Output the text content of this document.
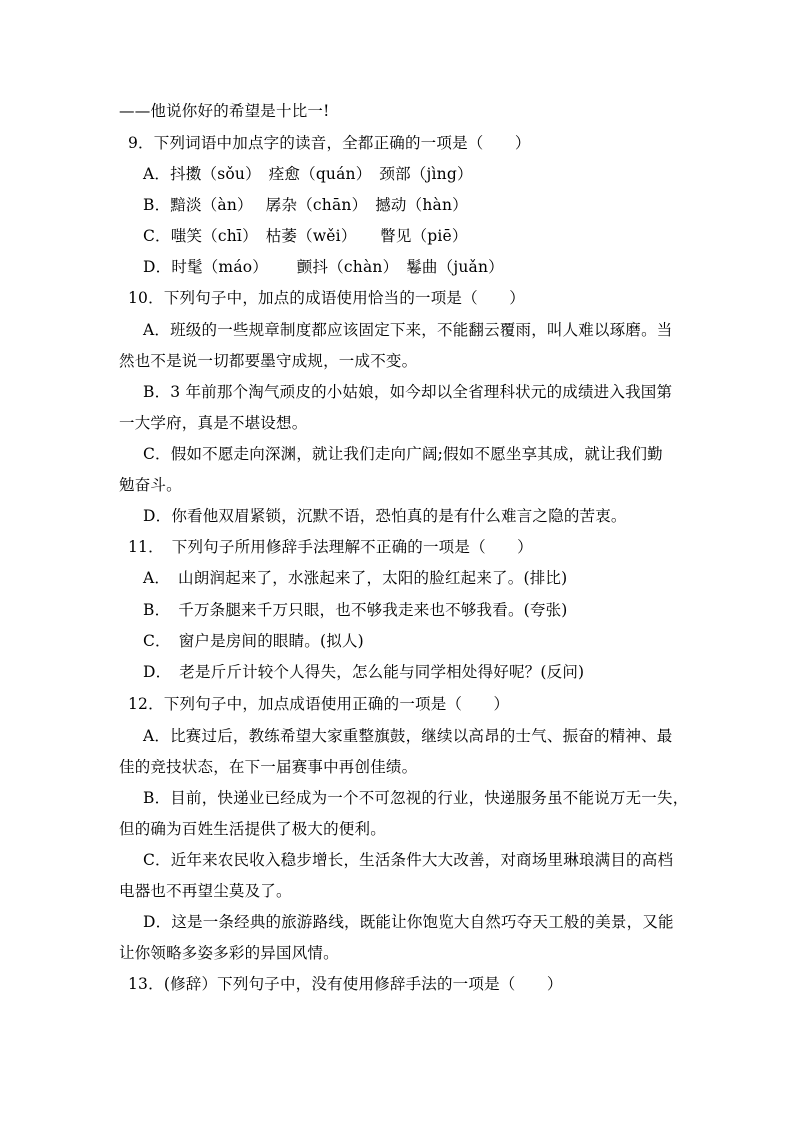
——他说你好的希望是十比一!
9．下列词语中加点字的读音，全都正确的一项是（　　）
A．抖擞（sǒu）　痊愈（quán）　颈部（jìng）
B．黯淡（àn）　 孱杂（chān）　撼动（hàn）
C．嗤笑（chī）　枯萎（wěi）　　瞥见（piē）
D．时髦（máo）　　 颤抖（chàn）　鬈曲（juǎn）
10．下列句子中，加点的成语使用恰当的一项是（　　）
A．班级的一些规章制度都应该固定下来，不能翻云覆雨，叫人难以琢磨。当
然也不是说一切都要墨守成规，一成不变。
B．3 年前那个淘气顽皮的小姑娘，如今却以全省理科状元的成绩进入我国第
一大学府，真是不堪设想。
C．假如不愿走向深渊，就让我们走向广阔;假如不愿坐享其成，就让我们勤
勉奋斗。
D．你看他双眉紧锁，沉默不语，恐怕真的是有什么难言之隐的苦衷。
11．　下列句子所用修辞手法理解不正确的一项是（　　）
A．　山朗润起来了，水涨起来了，太阳的脸红起来了。(排比)
B．　千万条腿来千万只眼，也不够我走来也不够我看。(夸张)
C．　窗户是房间的眼睛。(拟人)
D．　老是斤斤计较个人得失，怎么能与同学相处得好呢？(反问)
12．下列句子中，加点成语使用正确的一项是（　　）
A．比赛过后，教练希望大家重整旗鼓，继续以高昂的士气、振奋的精神、最
佳的竞技状态，在下一届赛事中再创佳绩。
B．目前，快递业已经成为一个不可忽视的行业，快递服务虽不能说万无一失，
但的确为百姓生活提供了极大的便利。
C．近年来农民收入稳步增长，生活条件大大改善，对商场里琳琅满目的高档
电器也不再望尘莫及了。
D．这是一条经典的旅游路线，既能让你饱览大自然巧夺天工般的美景，又能
让你领略多姿多彩的异国风情。
13．(修辞）下列句子中，没有使用修辞手法的一项是（　　）
